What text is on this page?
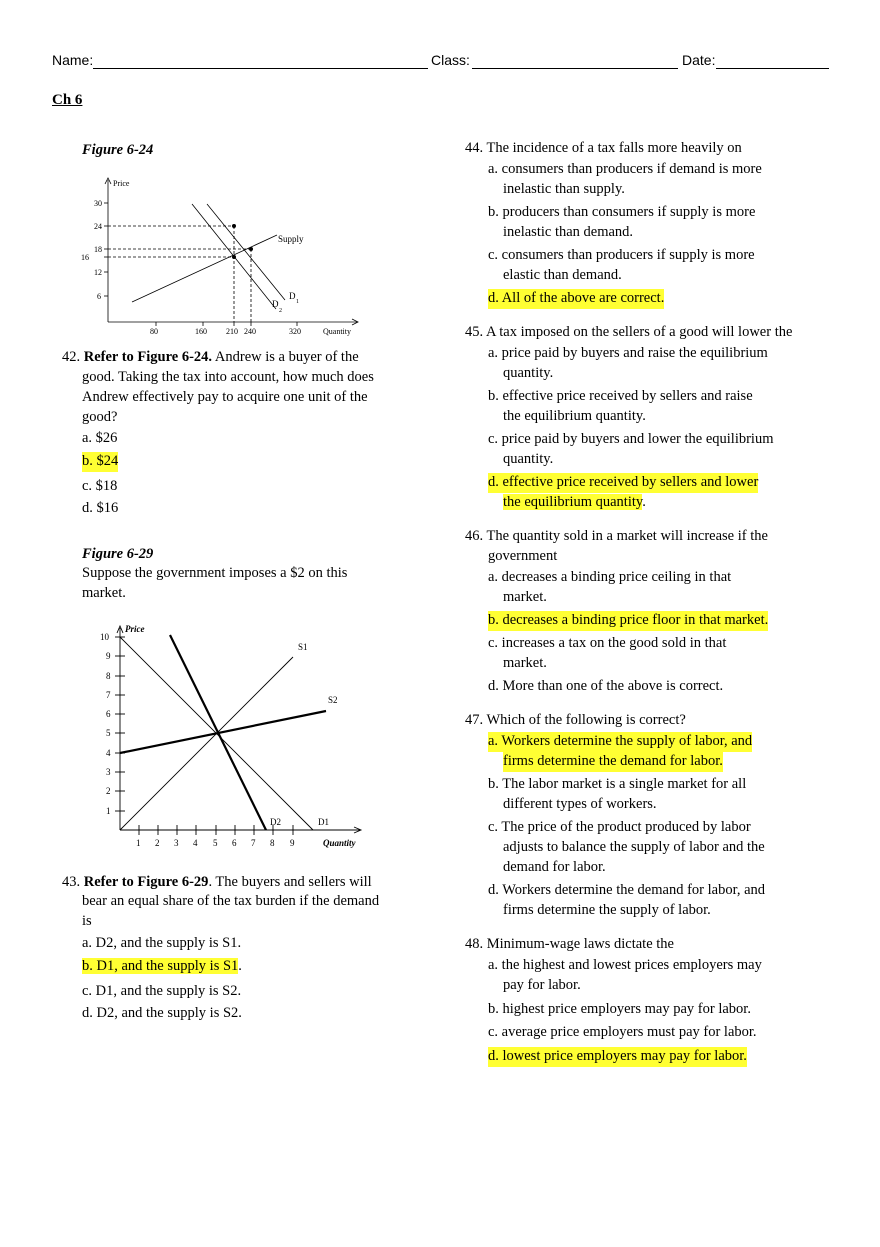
Name:	Class:	Date:
Ch 6
Figure 6-24
Price
30
24
18
16
12
6
80	160 210 240	320	Quantity
Supply
D
1
D
2
42. Refer to Figure 6-24. Andrew is a buyer of the
good. Taking the tax into account, how much does
Andrew effectively pay to acquire one unit of the
good?
a. $26
b. $24
c. $18
d. $16
Figure 6-29
Suppose the government imposes a $2 on this
market.
Price
10
9
8
7
6
5
4
3
2
1
1 2 3 4 5 6 7 8 9	Quantity
S1
S2
D1
D2
43. Refer to Figure 6-29. The buyers and sellers will
bear an equal share of the tax burden if the demand
is
a. D2, and the supply is S1.
b. D1, and the supply is S1.
c. D1, and the supply is S2.
d. D2, and the supply is S2.
44. The incidence of a tax falls more heavily on
a. consumers than producers if demand is more
inelastic than supply.
b. producers than consumers if supply is more
inelastic than demand.
c. consumers than producers if supply is more
elastic than demand.
d. All of the above are correct.
45. A tax imposed on the sellers of a good will lower the
a. price paid by buyers and raise the equilibrium
quantity.
b. effective price received by sellers and raise
the equilibrium quantity.
c. price paid by buyers and lower the equilibrium
quantity.
d. effective price received by sellers and lower
the equilibrium quantity.
46. The quantity sold in a market will increase if the
government
a. decreases a binding price ceiling in that
market.
b. decreases a binding price floor in that market.
c. increases a tax on the good sold in that
market.
d. More than one of the above is correct.
47. Which of the following is correct?
a. Workers determine the supply of labor, and
firms determine the demand for labor.
b. The labor market is a single market for all
different types of workers.
c. The price of the product produced by labor
adjusts to balance the supply of labor and the
demand for labor.
d. Workers determine the demand for labor, and
firms determine the supply of labor.
48. Minimum-wage laws dictate the
a. the highest and lowest prices employers may
pay for labor.
b. highest price employers may pay for labor.
c. average price employers must pay for labor.
d. lowest price employers may pay for labor.
